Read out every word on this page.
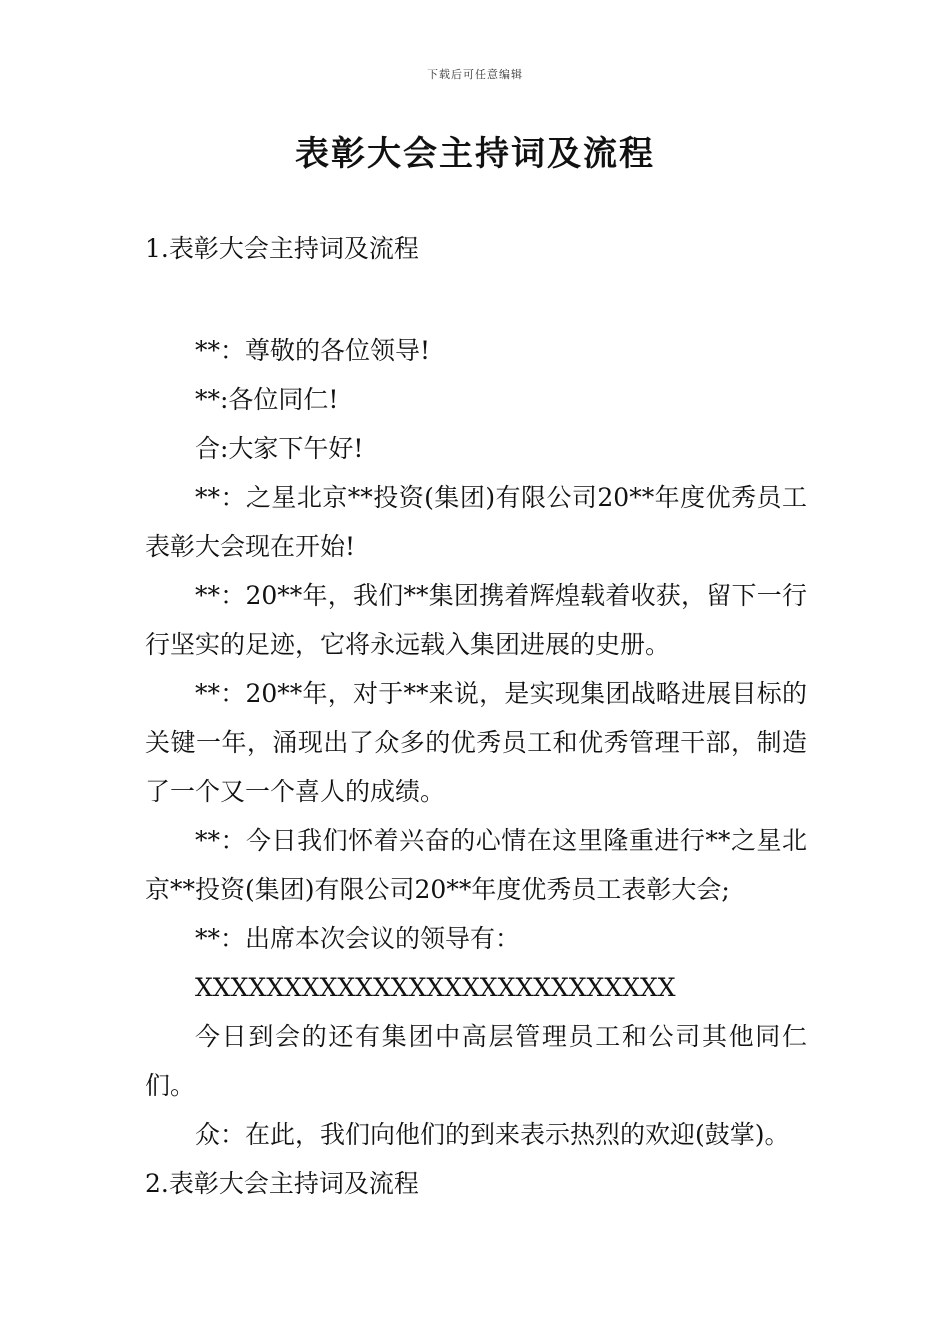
下载后可任意编辑
表彰大会主持词及流程
1.表彰大会主持词及流程

**：尊敬的各位领导!

**:各位同仁!

合:大家下午好!

**：之星北京**投资(集团)有限公司20**年度优秀员工表彰大会现在开始!

**：20**年，我们**集团携着辉煌载着收获，留下一行行坚实的足迹，它将永远载入集团进展的史册。

**：20**年，对于**来说，是实现集团战略进展目标的关键一年，涌现出了众多的优秀员工和优秀管理干部，制造了一个又一个喜人的成绩。

**：今日我们怀着兴奋的心情在这里隆重进行**之星北京**投资(集团)有限公司20**年度优秀员工表彰大会;

**：出席本次会议的领导有：

XXXXXXXXXXXXXXXXXXXXXXXXXXX

今日到会的还有集团中高层管理员工和公司其他同仁们。

众：在此，我们向他们的到来表示热烈的欢迎(鼓掌)。

2.表彰大会主持词及流程
